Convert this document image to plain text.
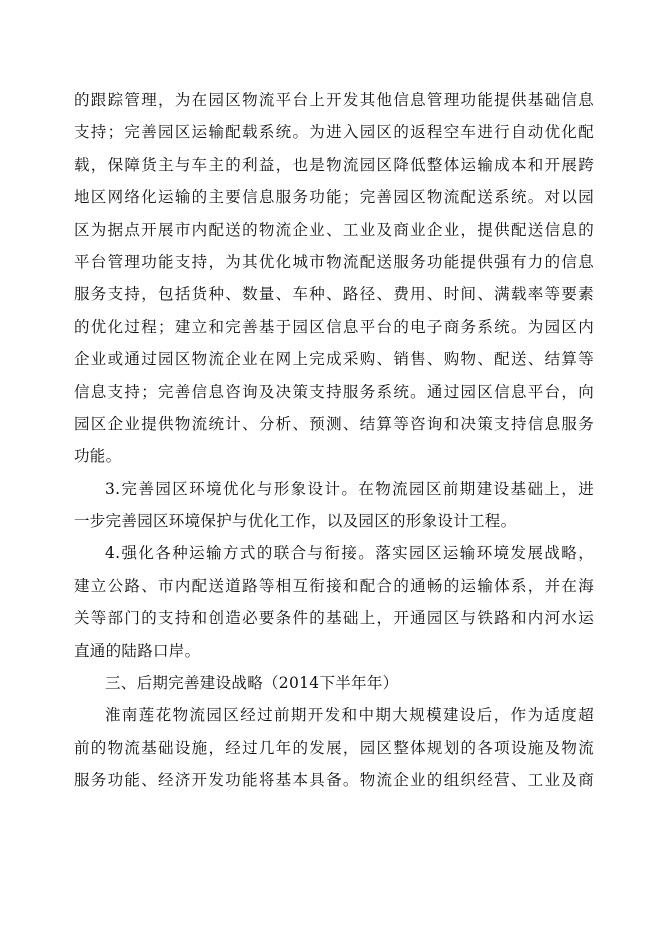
的跟踪管理，为在园区物流平台上开发其他信息管理功能提供基础信息
支持；完善园区运输配载系统。为进入园区的返程空车进行自动优化配
载，保障货主与车主的利益，也是物流园区降低整体运输成本和开展跨
地区网络化运输的主要信息服务功能；完善园区物流配送系统。对以园
区为据点开展市内配送的物流企业、工业及商业企业，提供配送信息的
平台管理功能支持，为其优化城市物流配送服务功能提供强有力的信息
服务支持，包括货种、数量、车种、路径、费用、时间、满载率等要素
的优化过程；建立和完善基于园区信息平台的电子商务系统。为园区内
企业或通过园区物流企业在网上完成采购、销售、购物、配送、结算等
信息支持；完善信息咨询及决策支持服务系统。通过园区信息平台，向
园区企业提供物流统计、分析、预测、结算等咨询和决策支持信息服务
功能。
3.完善园区环境优化与形象设计。在物流园区前期建设基础上，进
一步完善园区环境保护与优化工作，以及园区的形象设计工程。
4.强化各种运输方式的联合与衔接。落实园区运输环境发展战略，
建立公路、市内配送道路等相互衔接和配合的通畅的运输体系，并在海
关等部门的支持和创造必要条件的基础上，开通园区与铁路和内河水运
直通的陆路口岸。
三、后期完善建设战略（2014下半年年）
淮南莲花物流园区经过前期开发和中期大规模建设后，作为适度超
前的物流基础设施，经过几年的发展，园区整体规划的各项设施及物流
服务功能、经济开发功能将基本具备。物流企业的组织经营、工业及商
